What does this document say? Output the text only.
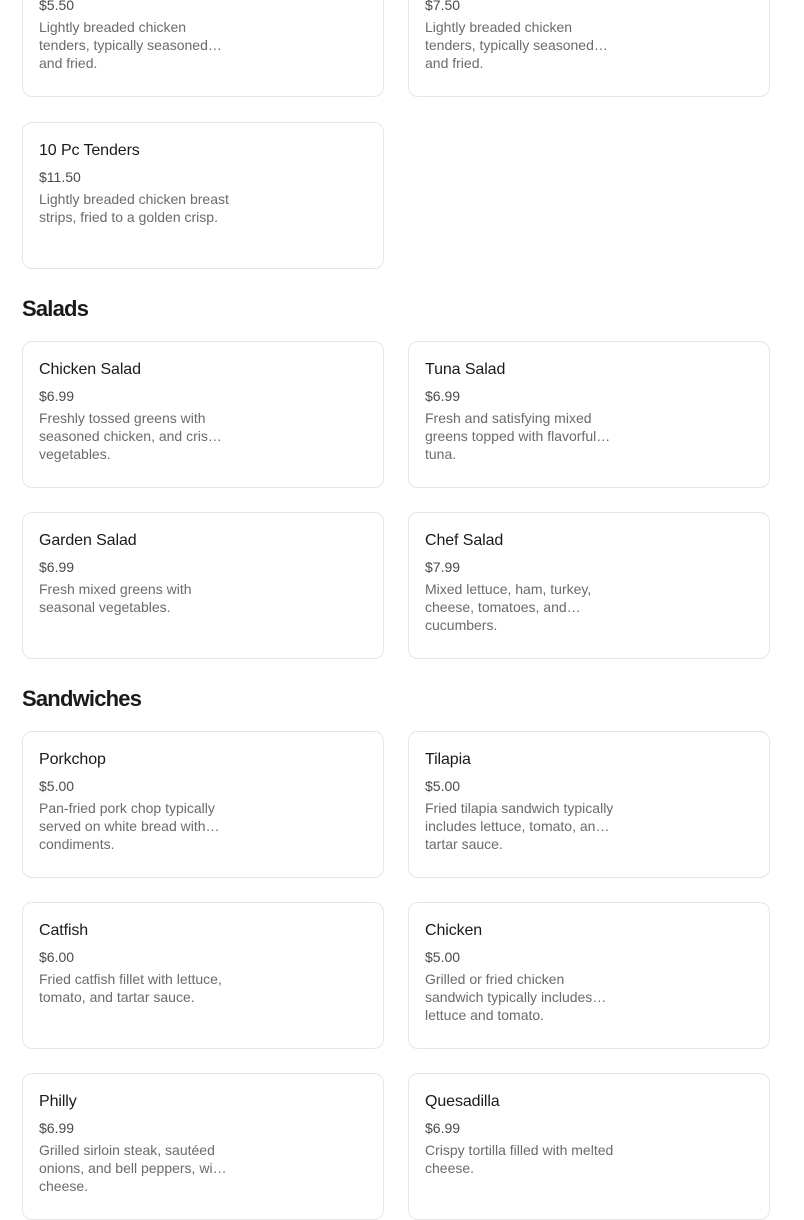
$5.50
Lightly breaded chicken tenders, typically seasoned and fried.
$7.50
Lightly breaded chicken tenders, typically seasoned and fried.
10 Pc Tenders
$11.50
Lightly breaded chicken breast strips, fried to a golden crisp.
Salads
Chicken Salad
$6.99
Freshly tossed greens with seasoned chicken, and crisp vegetables.
Tuna Salad
$6.99
Fresh and satisfying mixed greens topped with flavorful tuna.
Garden Salad
$6.99
Fresh mixed greens with seasonal vegetables.
Chef Salad
$7.99
Mixed lettuce, ham, turkey, cheese, tomatoes, and cucumbers.
Sandwiches
Porkchop
$5.00
Pan-fried pork chop typically served on white bread with condiments.
Tilapia
$5.00
Fried tilapia sandwich typically includes lettuce, tomato, and tartar sauce.
Catfish
$6.00
Fried catfish fillet with lettuce, tomato, and tartar sauce.
Chicken
$5.00
Grilled or fried chicken sandwich typically includes lettuce and tomato.
Philly
$6.99
Grilled sirloin steak, sautéed onions, and bell peppers, with cheese.
Quesadilla
$6.99
Crispy tortilla filled with melted cheese.
